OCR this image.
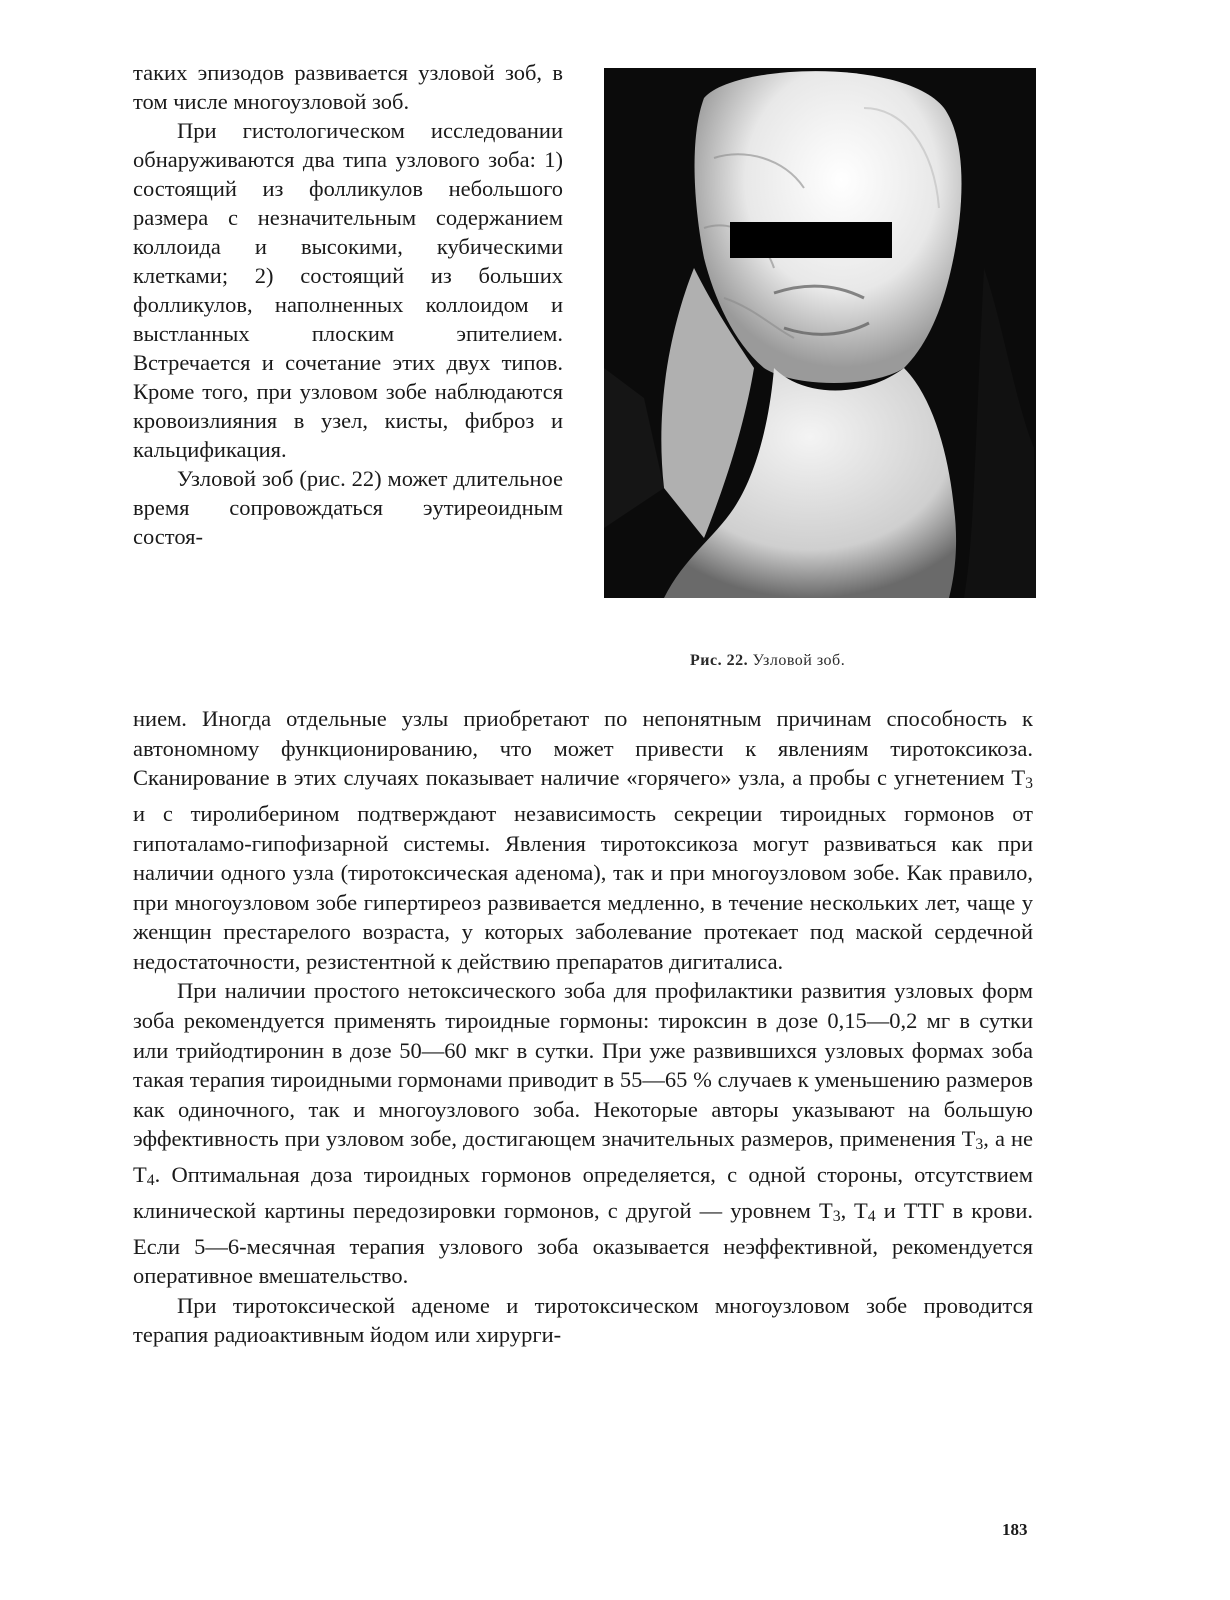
таких эпизодов развивается узловой зоб, в том числе многоузловой зоб.

При гистологическом исследовании обнаруживаются два типа узлового зоба: 1) состоящий из фолликулов небольшого размера с незначительным содержанием коллоида и высокими, кубическими клетками; 2) состоящий из больших фолликулов, наполненных коллоидом и выстланных плоским эпителием. Встречается и сочетание этих двух типов. Кроме того, при узловом зобе наблюдаются кровоизлияния в узел, кисты, фиброз и кальцификация.

Узловой зоб (рис. 22) может длительное время сопровождаться эутиреоидным состоя-

Рис. 22. Узловой зоб.

нием. Иногда отдельные узлы приобретают по непонятным причинам способность к автономному функционированию, что может привести к явлениям тиротоксикоза. Сканирование в этих случаях показывает наличие «горячего» узла, а пробы с угнетением $T_3$ и с тиролиберином подтверждают независимость секреции тироидных гормонов от гипоталамо-гипофизарной системы. Явления тиротоксикоза могут развиваться как при наличии одного узла (тиротоксическая аденома), так и при многоузловом зобе. Как правило, при многоузловом зобе гипертиреоз развивается медленно, в течение нескольких лет, чаще у женщин престарелого возраста, у которых заболевание протекает под маской сердечной недостаточности, резистентной к действию препаратов дигиталиса.

При наличии простого нетоксического зоба для профилактики развития узловых форм зоба рекомендуется применять тироидные гормоны: тироксин в дозе 0,15—0,2 мг в сутки или трийодтиронин в дозе 50—60 мкг в сутки. При уже развившихся узловых формах зоба такая терапия тироидными гормонами приводит в 55—65 % случаев к уменьшению размеров как одиночного, так и многоузлового зоба. Некоторые авторы указывают на большую эффективность при узловом зобе, достигающем значительных размеров, применения $T_3$, а не $T_4$. Оптимальная доза тироидных гормонов определяется, с одной стороны, отсутствием клинической картины передозировки гормонов, с другой — уровнем $T_3$, $T_4$ и ТТГ в крови. Если 5—6-месячная терапия узлового зоба оказывается неэффективной, рекомендуется оперативное вмешательство.

При тиротоксической аденоме и тиротоксическом многоузловом зобе проводится терапия радиоактивным йодом или хирурги-

183
